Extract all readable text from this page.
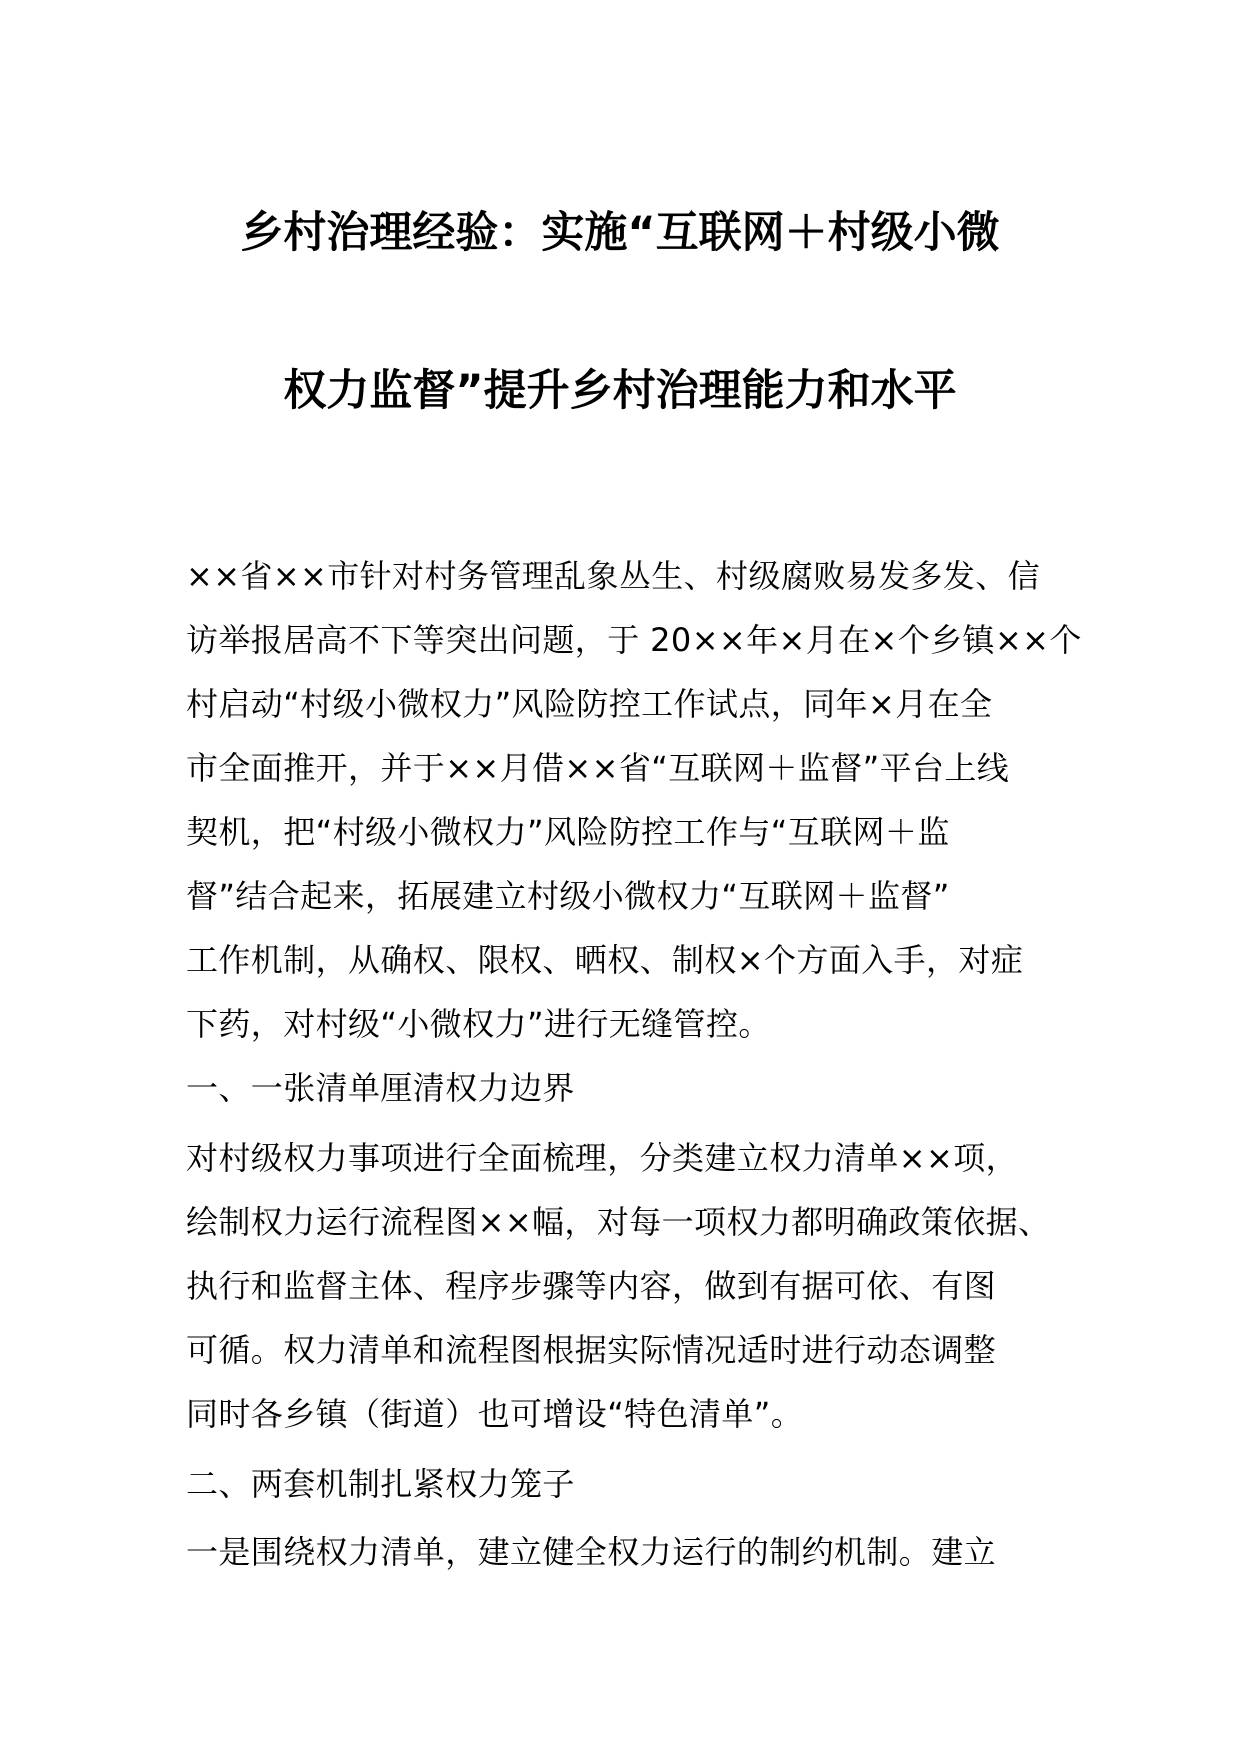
乡村治理经验：实施“互联网＋村级小微
权力监督”提升乡村治理能力和水平
××省××市针对村务管理乱象丛生、村级腐败易发多发、信
访举报居高不下等突出问题，于 20××年×月在×个乡镇××个
村启动“村级小微权力”风险防控工作试点，同年×月在全
市全面推开，并于××月借××省“互联网＋监督”平台上线
契机，把“村级小微权力”风险防控工作与“互联网＋监
督”结合起来，拓展建立村级小微权力“互联网＋监督”
工作机制，从确权、限权、晒权、制权×个方面入手，对症
下药，对村级“小微权力”进行无缝管控。
一、一张清单厘清权力边界
对村级权力事项进行全面梳理，分类建立权力清单××项，
绘制权力运行流程图××幅，对每一项权力都明确政策依据、
执行和监督主体、程序步骤等内容，做到有据可依、有图
可循。权力清单和流程图根据实际情况适时进行动态调整
同时各乡镇（街道）也可增设“特色清单”。
二、两套机制扎紧权力笼子
一是围绕权力清单，建立健全权力运行的制约机制。建立
